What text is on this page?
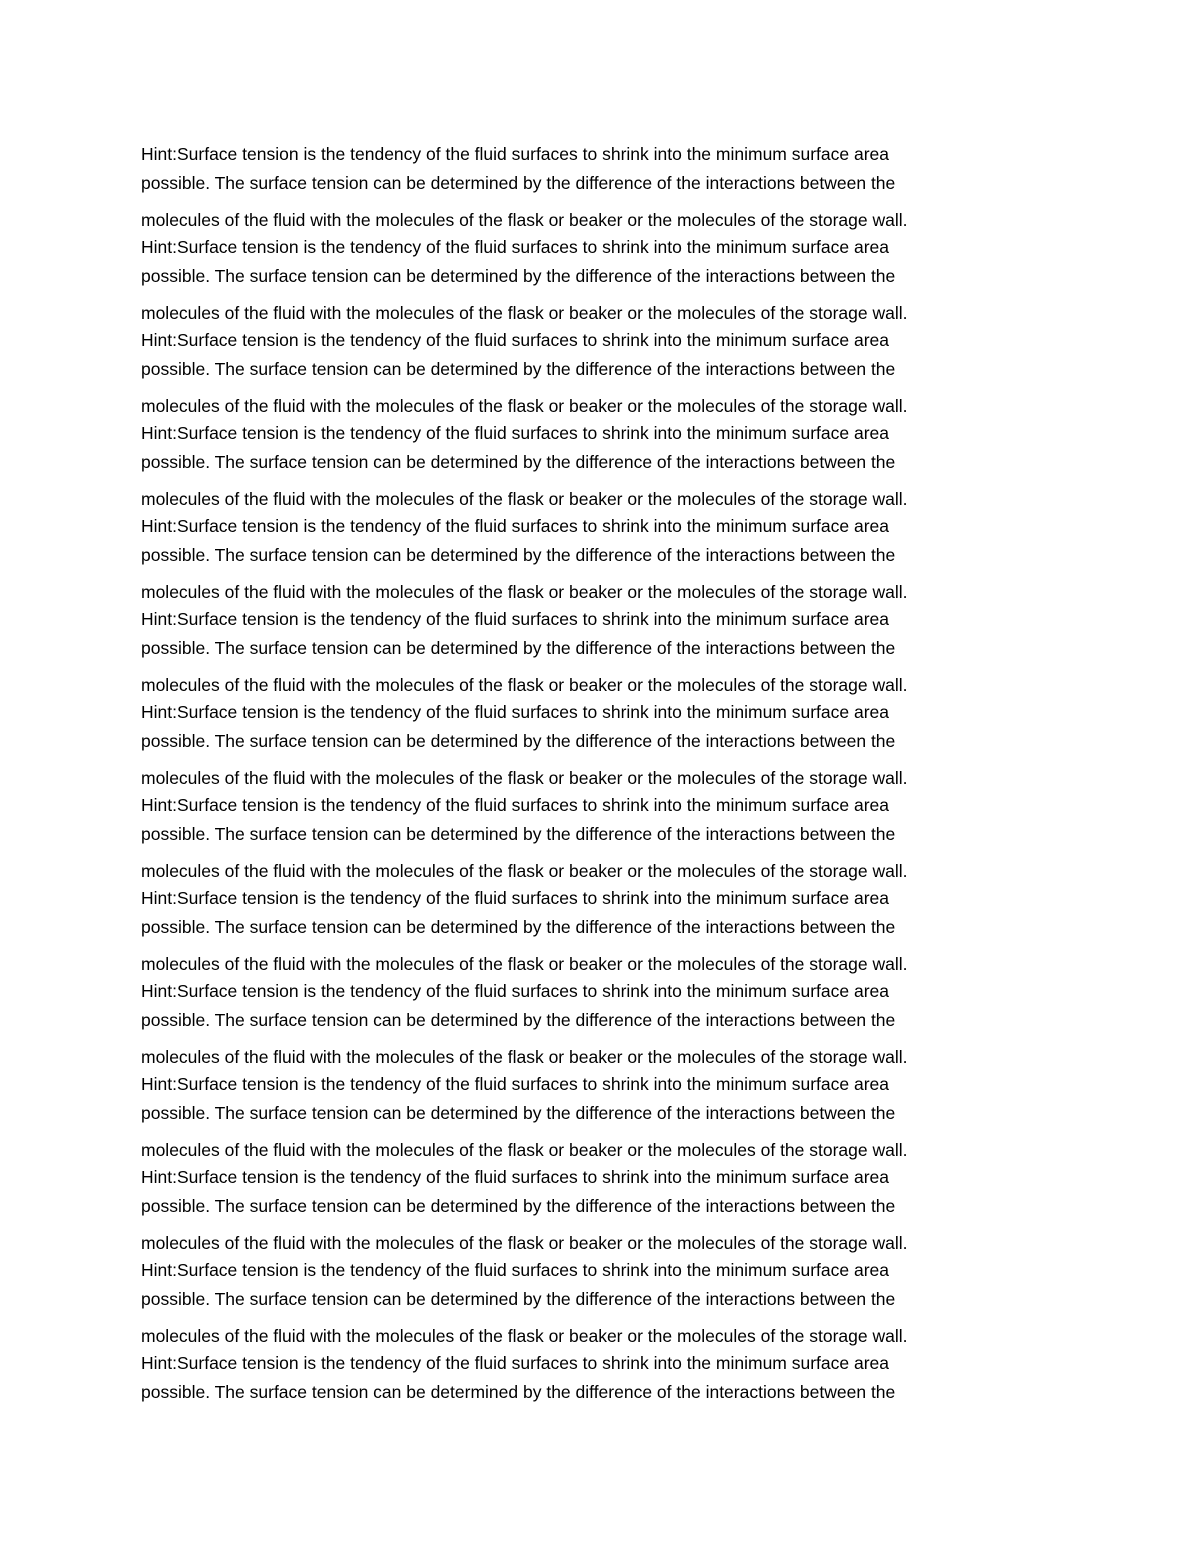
Hint:Surface tension is the tendency of the fluid surfaces to shrink into the minimum surface area
possible. The surface tension can be determined by the difference of the interactions between the
molecules of the fluid with the molecules of the flask or beaker or the molecules of the storage wall.
Hint:Surface tension is the tendency of the fluid surfaces to shrink into the minimum surface area
possible. The surface tension can be determined by the difference of the interactions between the
molecules of the fluid with the molecules of the flask or beaker or the molecules of the storage wall.
Hint:Surface tension is the tendency of the fluid surfaces to shrink into the minimum surface area
possible. The surface tension can be determined by the difference of the interactions between the
molecules of the fluid with the molecules of the flask or beaker or the molecules of the storage wall.
Hint:Surface tension is the tendency of the fluid surfaces to shrink into the minimum surface area
possible. The surface tension can be determined by the difference of the interactions between the
molecules of the fluid with the molecules of the flask or beaker or the molecules of the storage wall.
Hint:Surface tension is the tendency of the fluid surfaces to shrink into the minimum surface area
possible. The surface tension can be determined by the difference of the interactions between the
molecules of the fluid with the molecules of the flask or beaker or the molecules of the storage wall.
Hint:Surface tension is the tendency of the fluid surfaces to shrink into the minimum surface area
possible. The surface tension can be determined by the difference of the interactions between the
molecules of the fluid with the molecules of the flask or beaker or the molecules of the storage wall.
Hint:Surface tension is the tendency of the fluid surfaces to shrink into the minimum surface area
possible. The surface tension can be determined by the difference of the interactions between the
molecules of the fluid with the molecules of the flask or beaker or the molecules of the storage wall.
Hint:Surface tension is the tendency of the fluid surfaces to shrink into the minimum surface area
possible. The surface tension can be determined by the difference of the interactions between the
molecules of the fluid with the molecules of the flask or beaker or the molecules of the storage wall.
Hint:Surface tension is the tendency of the fluid surfaces to shrink into the minimum surface area
possible. The surface tension can be determined by the difference of the interactions between the
molecules of the fluid with the molecules of the flask or beaker or the molecules of the storage wall.
Hint:Surface tension is the tendency of the fluid surfaces to shrink into the minimum surface area
possible. The surface tension can be determined by the difference of the interactions between the
molecules of the fluid with the molecules of the flask or beaker or the molecules of the storage wall.
Hint:Surface tension is the tendency of the fluid surfaces to shrink into the minimum surface area
possible. The surface tension can be determined by the difference of the interactions between the
molecules of the fluid with the molecules of the flask or beaker or the molecules of the storage wall.
Hint:Surface tension is the tendency of the fluid surfaces to shrink into the minimum surface area
possible. The surface tension can be determined by the difference of the interactions between the
molecules of the fluid with the molecules of the flask or beaker or the molecules of the storage wall.
Hint:Surface tension is the tendency of the fluid surfaces to shrink into the minimum surface area
possible. The surface tension can be determined by the difference of the interactions between the
molecules of the fluid with the molecules of the flask or beaker or the molecules of the storage wall.
Hint:Surface tension is the tendency of the fluid surfaces to shrink into the minimum surface area
possible. The surface tension can be determined by the difference of the interactions between the
